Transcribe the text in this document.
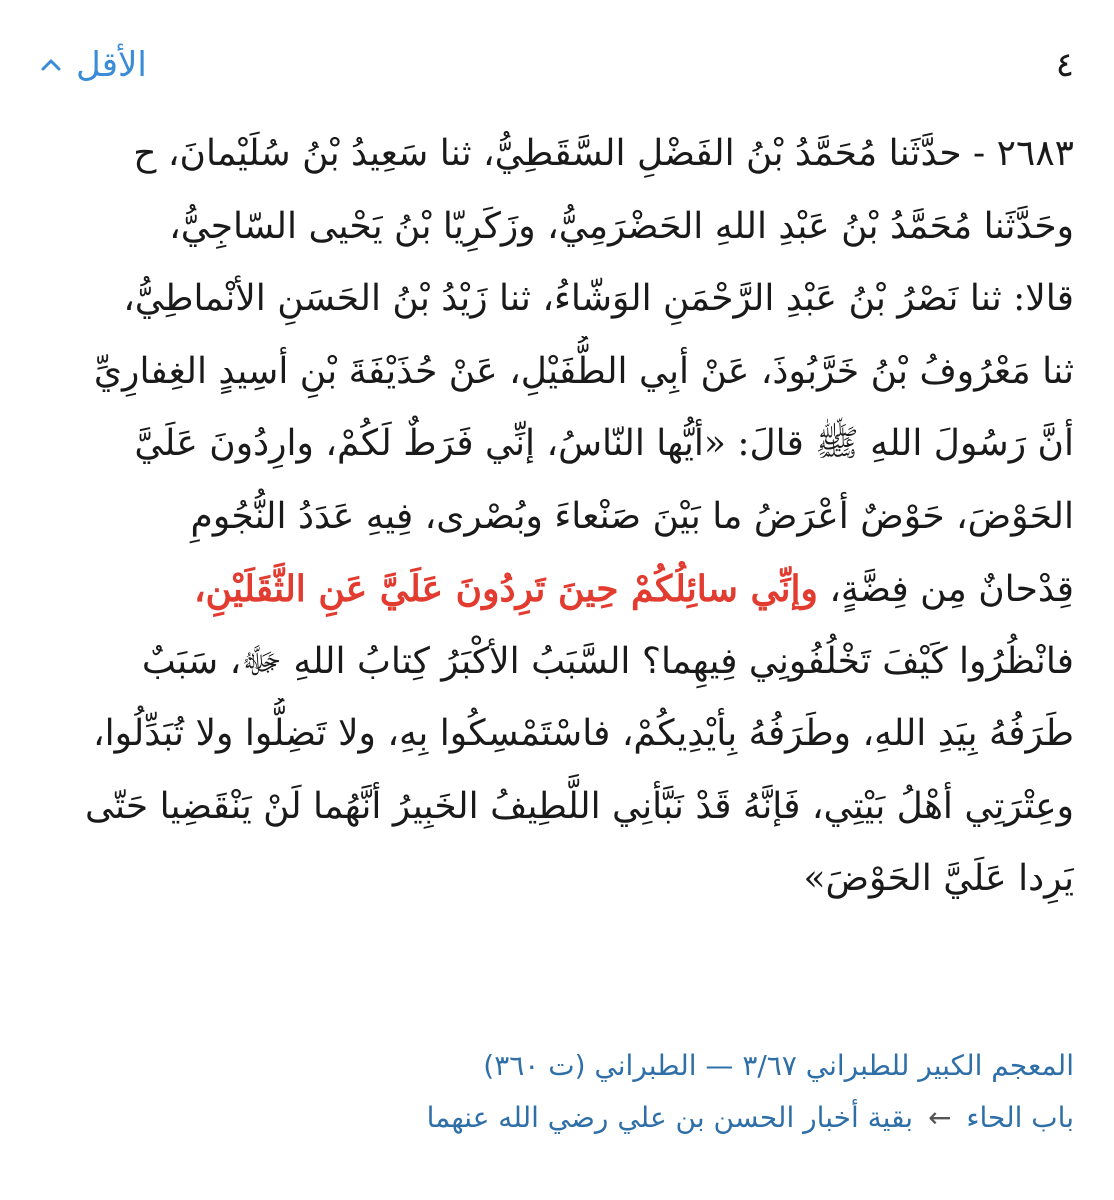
٤
الأقل
٢٦٨٣ - حدَّثَنا مُحَمَّدُ بْنُ الفَضْلِ السَّقَطِيُّ، ثنا سَعِيدُ بْنُ سُلَيْمانَ، ح
وحَدَّثَنا مُحَمَّدُ بْنُ عَبْدِ اللهِ الحَضْرَمِيُّ، وزَكَرِيّا بْنُ يَحْيى السّاجِيُّ،
قالا: ثنا نَصْرُ بْنُ عَبْدِ الرَّحْمَنِ الوَشّاءُ، ثنا زَيْدُ بْنُ الحَسَنِ الأنْماطِيُّ،
ثنا مَعْرُوفُ بْنُ خَرَّبُوذَ، عَنْ أبِي الطُّفَيْلِ، عَنْ حُذَيْفَةَ بْنِ أسِيدٍ الغِفارِيِّ
أنَّ رَسُولَ اللهِ ﷺ قالَ: «أيُّها النّاسُ، إنِّي فَرَطٌ لَكُمْ، وارِدُونَ عَلَيَّ
الحَوْضَ، حَوْضٌ أعْرَضُ ما بَيْنَ صَنْعاءَ وبُصْرى، فِيهِ عَدَدُ النُّجُومِ
قِدْحانٌ مِن فِضَّةٍ، وإنِّي سائِلُكُمْ حِينَ تَرِدُونَ عَلَيَّ عَنِ الثَّقَلَيْنِ،
فانْظُرُوا كَيْفَ تَخْلُفُونِي فِيهِما؟ السَّبَبُ الأكْبَرُ كِتابُ اللهِ ﷻ، سَبَبٌ
طَرَفُهُ بِيَدِ اللهِ، وطَرَفُهُ بِأيْدِيكُمْ، فاسْتَمْسِكُوا بِهِ، ولا تَضِلُّوا ولا تُبَدِّلُوا،
وعِتْرَتِي أهْلُ بَيْتِي، فَإنَّهُ قَدْ نَبَّأنِي اللَّطِيفُ الخَبِيرُ أنَّهُما لَنْ يَنْقَضِيا حَتّى
يَرِدا عَلَيَّ الحَوْضَ»
المعجم الكبير للطبراني ٣/٦٧ — الطبراني (ت ٣٦٠)
باب الحاء ← بقية أخبار الحسن بن علي رضي الله عنهما
